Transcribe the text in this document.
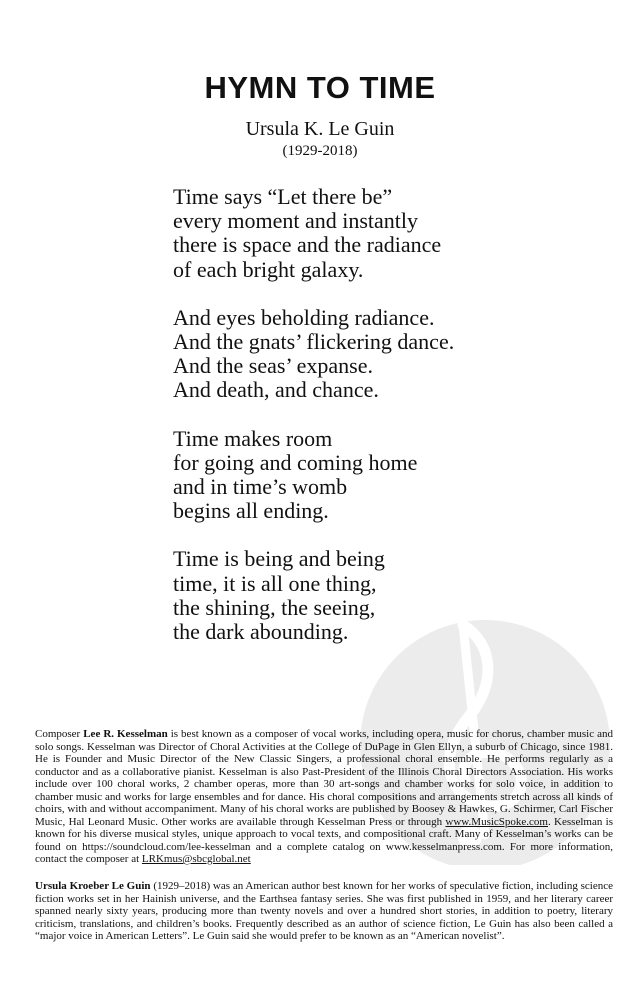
HYMN TO TIME
Ursula K. Le Guin
(1929-2018)
Time says “Let there be”
every moment and instantly
there is space and the radiance
of each bright galaxy.
And eyes beholding radiance.
And the gnats’ flickering dance.
And the seas’ expanse.
And death, and chance.
Time makes room
for going and coming home
and in time’s womb
begins all ending.
Time is being and being
time, it is all one thing,
the shining, the seeing,
the dark abounding.

Composer Lee R. Kesselman is best known as a composer of vocal works, including opera, music for chorus, chamber music and solo songs. Kesselman was Director of Choral Activities at the College of DuPage in Glen Ellyn, a suburb of Chicago, since 1981. He is Founder and Music Director of the New Classic Singers, a professional choral ensemble. He performs regularly as a conductor and as a collaborative pianist. Kesselman is also Past-President of the Illinois Choral Directors Association. His works include over 100 choral works, 2 chamber operas, more than 30 art-songs and chamber works for solo voice, in addition to chamber music and works for large ensembles and for dance. His choral compositions and arrangements stretch across all kinds of choirs, with and without accompaniment. Many of his choral works are published by Boosey & Hawkes, G. Schirmer, Carl Fischer Music, Hal Leonard Music. Other works are available through Kesselman Press or through www.MusicSpoke.com. Kesselman is known for his diverse musical styles, unique approach to vocal texts, and compositional craft. Many of Kesselman’s works can be found on https://soundcloud.com/lee-kesselman and a complete catalog on www.kesselmanpress.com. For more information, contact the composer at LRKmus@sbcglobal.net

Ursula Kroeber Le Guin (1929–2018) was an American author best known for her works of speculative fiction, including science fiction works set in her Hainish universe, and the Earthsea fantasy series. She was first published in 1959, and her literary career spanned nearly sixty years, producing more than twenty novels and over a hundred short stories, in addition to poetry, literary criticism, translations, and children’s books. Frequently described as an author of science fiction, Le Guin has also been called a “major voice in American Letters”. Le Guin said she would prefer to be known as an “American novelist”.
